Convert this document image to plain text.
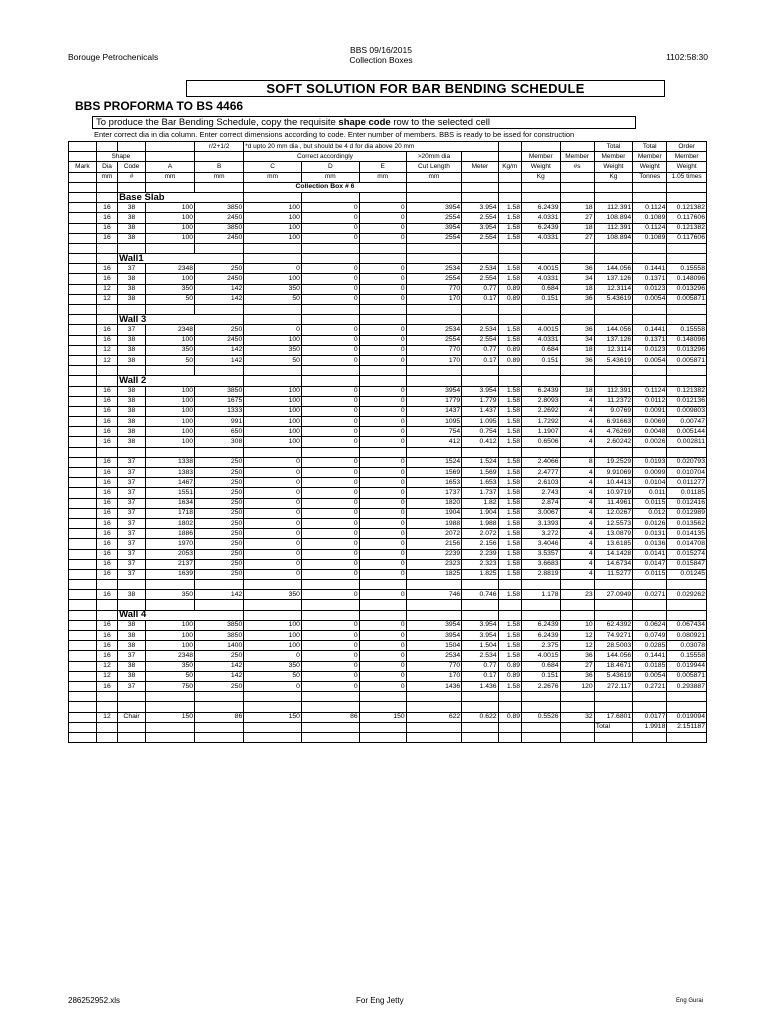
Borouge Petrochenicals
BBS 09/16/2015
Collection Boxes	1102:58:30
SOFT SOLUTION FOR BAR BENDING SCHEDULE
BBS PROFORMA TO BS 4466
To produce the Bar Bending Schedule, copy the requisite shape code row to the selected cell
Enter correct dia in dia column. Enter correct dimensions according to code. Enter number of members. BBS is ready to be issed for construction
				r/2+1/2	*d upto 20 mm dia , but should be 4 d for dia above 20 mm								Total	Total	Order
	Shape				Correct accordingly			>20mm dia			Member	Member	Member	Member	Member
Mark	Dia	Code	A	B	C	D	E	Cut Length	Meter	Kg/m	Weight	#s	Weight	Weight	Weight
	mm	#	mm	mm	mm	mm	mm	mm			Kg		Kg	Tonnes	1.05 times
					Collection Box # 6										
		Base Slab													
	16	38	100	3850	100	0	0	3954	3.954	1.58	6.2439	18	112.391	0.1124	0.121382
	16	38	100	2450	100	0	0	2554	2.554	1.58	4.0331	27	108.894	0.1089	0.117606
	16	38	100	3850	100	0	0	3954	3.954	1.58	6.2439	18	112.391	0.1124	0.121382
	16	38	100	2450	100	0	0	2554	2.554	1.58	4.0331	27	108.894	0.1089	0.117606

		Wall1													
	16	37	2348	250	0	0	0	2534	2.534	1.58	4.0015	36	144.056	0.1441	0.15558
	16	38	100	2450	100	0	0	2554	2.554	1.58	4.0331	34	137.126	0.1371	0.148096
	12	38	350	142	350	0	0	770	0.77	0.89	0.684	18	12.3114	0.0123	0.013296
	12	38	50	142	50	0	0	170	0.17	0.89	0.151	36	5.43619	0.0054	0.005871

		Wall 3													
	16	37	2348	250	0	0	0	2534	2.534	1.58	4.0015	36	144.056	0.1441	0.15558
	16	38	100	2450	100	0	0	2554	2.554	1.58	4.0331	34	137.126	0.1371	0.148096
	12	38	350	142	350	0	0	770	0.77	0.89	0.684	18	12.3114	0.0123	0.013296
	12	38	50	142	50	0	0	170	0.17	0.89	0.151	36	5.43619	0.0054	0.005871

		Wall 2													
	16	38	100	3850	100	0	0	3954	3.954	1.58	6.2439	18	112.391	0.1124	0.121382
	16	38	100	1675	100	0	0	1779	1.779	1.58	2.8093	4	11.2372	0.0112	0.012136
	16	38	100	1333	100	0	0	1437	1.437	1.58	2.2692	4	9.0769	0.0091	0.009803
	16	38	100	991	100	0	0	1095	1.095	1.58	1.7292	4	6.91663	0.0069	0.00747
	16	38	100	650	100	0	0	754	0.754	1.58	1.1907	4	4.76269	0.0048	0.005144
	16	38	100	308	100	0	0	412	0.412	1.58	0.6506	4	2.60242	0.0026	0.002811

	16	37	1338	250	0	0	0	1524	1.524	1.58	2.4066	8	19.2529	0.0193	0.020793
	16	37	1383	250	0	0	0	1569	1.569	1.58	2.4777	4	9.91069	0.0099	0.010704
	16	37	1467	250	0	0	0	1653	1.653	1.58	2.6103	4	10.4413	0.0104	0.011277
	16	37	1551	250	0	0	0	1737	1.737	1.58	2.743	4	10.9719	0.011	0.01185
	16	37	1634	250	0	0	0	1820	1.82	1.58	2.874	4	11.4961	0.0115	0.012416
	16	37	1718	250	0	0	0	1904	1.904	1.58	3.0067	4	12.0267	0.012	0.012989
	16	37	1802	250	0	0	0	1988	1.988	1.58	3.1393	4	12.5573	0.0126	0.013562
	16	37	1886	250	0	0	0	2072	2.072	1.58	3.272	4	13.0879	0.0131	0.014135
	16	37	1970	250	0	0	0	2156	2.156	1.58	3.4046	4	13.6185	0.0136	0.014708
	16	37	2053	250	0	0	0	2239	2.239	1.58	3.5357	4	14.1428	0.0141	0.015274
	16	37	2137	250	0	0	0	2323	2.323	1.58	3.6683	4	14.6734	0.0147	0.015847
	16	37	1639	250	0	0	0	1825	1.825	1.58	2.8819	4	11.5277	0.0115	0.01245

	16	38	350	142	350	0	0	746	0.746	1.58	1.178	23	27.0949	0.0271	0.029262

		Wall 4													
	16	38	100	3850	100	0	0	3954	3.954	1.58	6.2439	10	62.4392	0.0624	0.067434
	16	38	100	3850	100	0	0	3954	3.954	1.58	6.2439	12	74.9271	0.0749	0.080921
	16	38	100	1400	100	0	0	1504	1.504	1.58	2.375	12	28.5003	0.0285	0.03078
	16	37	2348	250	0	0	0	2534	2.534	1.58	4.0015	36	144.056	0.1441	0.15558
	12	38	350	142	350	0	0	770	0.77	0.89	0.684	27	18.4671	0.0185	0.019944
	12	38	50	142	50	0	0	170	0.17	0.89	0.151	36	5.43619	0.0054	0.005871
	16	37	750	250	0	0	0	1436	1.436	1.58	2.2676	120	272.117	0.2721	0.293887

	12	Chair	150	86	150	86	150	622	0.622	0.89	0.5526	32	17.6801	0.0177	0.019094
													Total	1.9918	2.151187

286252952.xls	For Eng Jetty	Eng Gurai
